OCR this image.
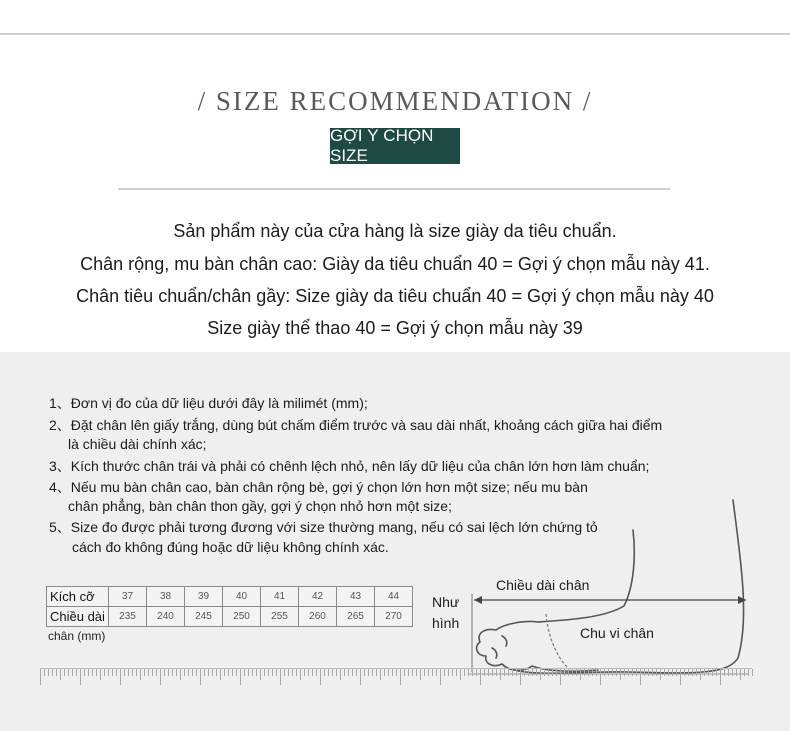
/ SIZE RECOMMENDATION /
GỢI Ý CHỌN SIZE
Sản phẩm này của cửa hàng là size giày da tiêu chuẩn.
Chân rộng, mu bàn chân cao: Giày da tiêu chuẩn 40 = Gợi ý chọn mẫu này 41.
Chân tiêu chuẩn/chân gầy: Size giày da tiêu chuẩn 40 = Gợi ý chọn mẫu này 40
Size giày thể thao 40 = Gợi ý chọn mẫu này 39
1、Đơn vị đo của dữ liệu dưới đây là milimét (mm);
2、Đặt chân lên giấy trắng, dùng bút chấm điểm trước và sau dài nhất, khoảng cách giữa hai điểm
là chiều dài chính xác;
3、Kích thước chân trái và phải có chênh lệch nhỏ, nên lấy dữ liệu của chân lớn hơn làm chuẩn;
4、Nếu mu bàn chân cao, bàn chân rộng bè, gợi ý chọn lớn hơn một size; nếu mu bàn
chân phẳng, bàn chân thon gầy, gợi ý chọn nhỏ hơn một size;
5、Size đo được phải tương đương với size thường mang, nếu có sai lệch lớn chứng tỏ
cách đo không đúng hoặc dữ liệu không chính xác.
Kích cỡ	37	38	39	40	41	42	43	44
Chiều dài	235	240	245	250	255	260	265	270
chân (mm)
Như
hình
Chiều dài chân
Chu vi chân
